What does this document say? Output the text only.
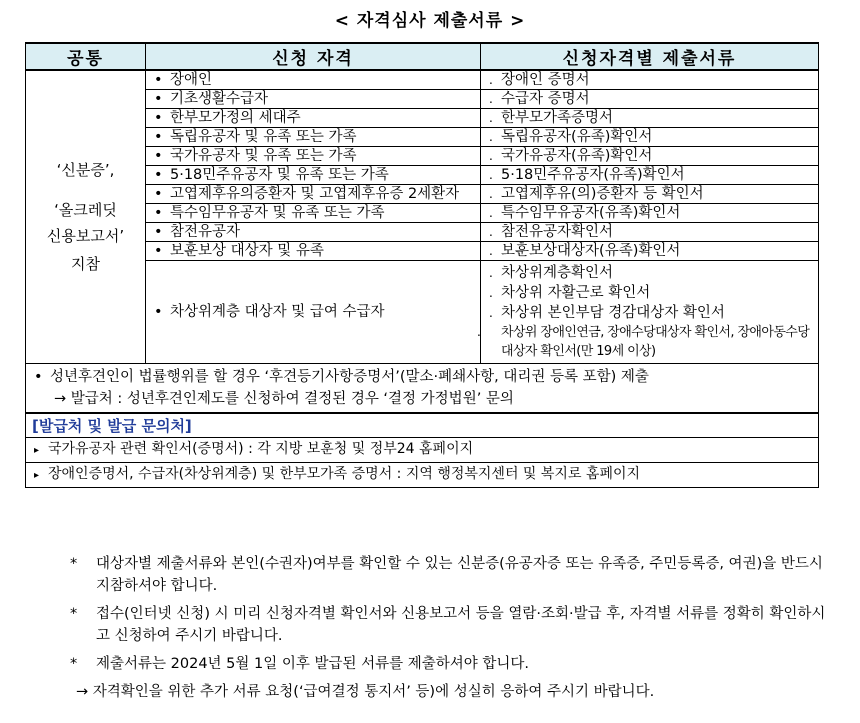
< 자격심사 제출서류 >
공통	신청 자격	신청자격별 제출서류

‘신분증’,
‘올크레딧
신용보고서’
지참	• 장애인	. 장애인 증명서
	• 기초생활수급자	. 수급자 증명서
	• 한부모가정의 세대주	. 한부모가족증명서
	• 독립유공자 및 유족 또는 가족	. 독립유공자(유족)확인서
	• 국가유공자 및 유족 또는 가족	. 국가유공자(유족)확인서
	• 5·18민주유공자 및 유족 또는 가족	. 5·18민주유공자(유족)확인서
	• 고엽제후유의증환자 및 고엽제후유증 2세환자	. 고엽제후유(의)증환자 등 확인서
	• 특수임무유공자 및 유족 또는 가족	. 특수임무유공자(유족)확인서
	• 참전유공자	. 참전유공자확인서
	• 보훈보상 대상자 및 유족	. 보훈보상대상자(유족)확인서
	• 차상위계층 대상자 및 급여 수급자	. 차상위계층확인서
. 차상위 자활근로 확인서
. 차상위 본인부담 경감대상자 확인서
. 차상위 장애인연금, 장애수당대상자 확인서, 장애아동수당 대상자 확인서(만 19세 이상)

• 성년후견인이 법률행위를 할 경우 ‘후견등기사항증명서’(말소·폐쇄사항, 대리권 등록 포함) 제출
→ 발급처 : 성년후견인제도를 신청하여 결정된 경우 ‘결정 가정법원’ 문의		

[발급처 및 발급 문의처]		
▸ 국가유공자 관련 확인서(증명서) : 각 지방 보훈청 및 정부24 홈페이지		
▸ 장애인증명서, 수급자(차상위계층) 및 한부모가족 증명서 : 지역 행정복지센터 및 복지로 홈페이지		
* 대상자별 제출서류와 본인(수권자)여부를 확인할 수 있는 신분증(유공자증 또는 유족증, 주민등록증, 여권)을 반드시 지참하셔야 합니다.
* 접수(인터넷 신청) 시 미리 신청자격별 확인서와 신용보고서 등을 열람·조회·발급 후, 자격별 서류를 정확히 확인하시고 신청하여 주시기 바랍니다.
* 제출서류는 2024년 5월 1일 이후 발급된 서류를 제출하셔야 합니다.
→ 자격확인을 위한 추가 서류 요청(‘급여결정 통지서’ 등)에 성실히 응하여 주시기 바랍니다.
